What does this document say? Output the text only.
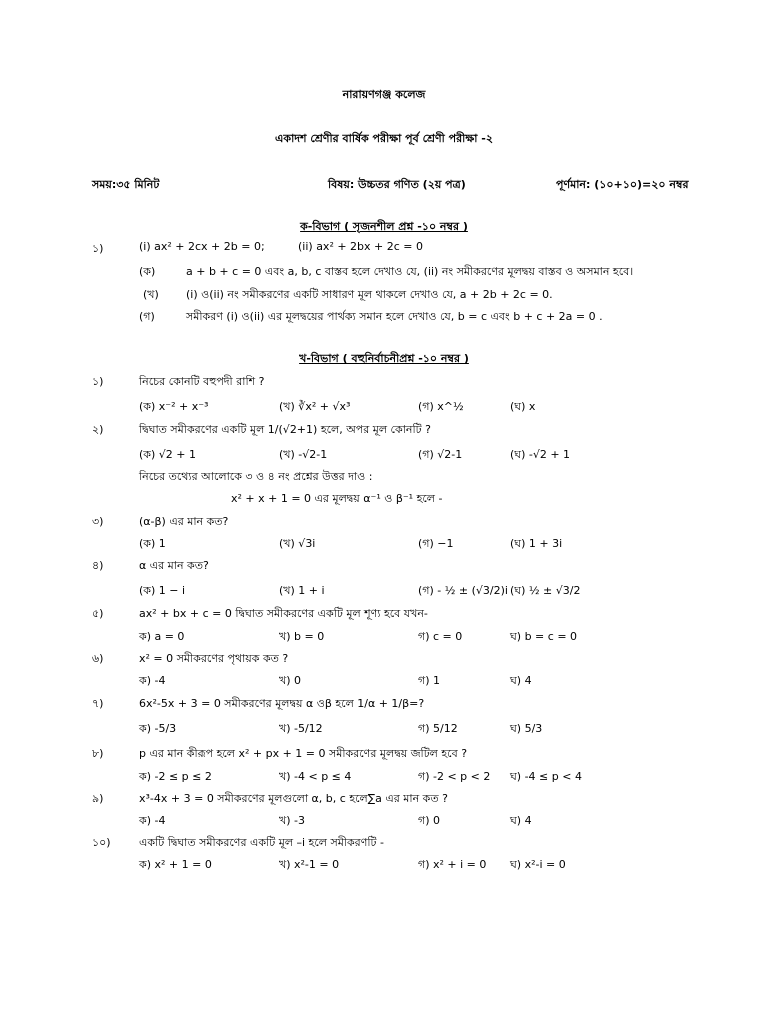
নারায়ণগঞ্জ কলেজ
একাদশ শ্রেণীর বার্ষিক পরীক্ষা পূর্ব শ্রেণী পরীক্ষা -২
সময়:৩৫ মিনিট	বিষয়: উচ্চতর গণিত (২য় পত্র)	পূর্ণমান: (১০+১০)=২০ নম্বর
ক-বিভাগ ( সৃজনশীল প্রশ্ন -১০ নম্বর )
১)	(i) ax² + 2cx + 2b = 0;	(ii) ax² + 2bx + 2c = 0
(ক)	a + b + c = 0 এবং a, b, c বাস্তব হলে দেখাও যে, (ii) নং সমীকরণের মূলদ্বয় বাস্তব ও অসমান হবে।
(খ) (i) ও(ii) নং সমীকরণের একটি সাধারণ মূল থাকলে দেখাও যে, a + 2b + 2c = 0.
(গ)	সমীকরণ (i) ও(ii) এর মূলদ্বয়ের পার্থক্য সমান হলে দেখাও যে, b = c এবং b + c + 2a = 0 .
খ-বিভাগ ( বহুনির্বাচনীপ্রশ্ন -১০ নম্বর )
১)	নিচের কোনটি বহুপদী রাশি ?
(ক) x⁻² + x⁻³	(খ) ∛x² + √x³	(গ) x^½	(ঘ) x
২)	দ্বিঘাত সমীকরণের একটি মূল 1/(√2+1) হলে, অপর মূল কোনটি ?
(ক) √2 + 1	(খ) -√2-1	(গ) √2-1	(ঘ) -√2 + 1
নিচের তথ্যের আলোকে ৩ ও ৪ নং প্রশ্নের উত্তর দাও :
x² + x + 1 = 0 এর মূলদ্বয় α⁻¹ ও β⁻¹ হলে -
৩)	(α-β) এর মান কত?
(ক) 1	(খ) √3i	(গ) −1	(ঘ) 1 + 3i
৪)	α এর মান কত?
(ক) 1 − i	(খ) 1 + i	(গ) - ½ ± (√3/2)i (ঘ) ½ ± √3/2
৫)	ax² + bx + c = 0 দ্বিঘাত সমীকরণের একটি মূল শূণ্য হবে যখন-
ক) a = 0	খ) b = 0	গ) c = 0	ঘ) b = c = 0
৬)	x² = 0 সমীকরণের পৃথায়ক কত ?
ক) -4	খ) 0	গ) 1	ঘ) 4
৭)	6x²-5x + 3 = 0 সমীকরণের মূলদ্বয় α ওβ হলে 1/α + 1/β=?
ক) -5/3	খ) -5/12	গ) 5/12	ঘ) 5/3
৮)	p এর মান কীরূপ হলে x² + px + 1 = 0 সমীকরণের মূলদ্বয় জটিল হবে ?
ক) -2 ≤ p ≤ 2	খ) -4 < p ≤ 4	গ) -2 < p < 2 ঘ) -4 ≤ p < 4
৯)	x³-4x + 3 = 0 সমীকরণের মূলগুলো α, b, c হলে∑a এর মান কত ?
ক) -4	খ) -3	গ) 0	ঘ) 4
১০)	একটি দ্বিঘাত সমীকরণের একটি মূল –i হলে সমীকরণটি -
ক) x² + 1 = 0	খ) x²-1 = 0	গ) x² + i = 0 ঘ) x²-i = 0
